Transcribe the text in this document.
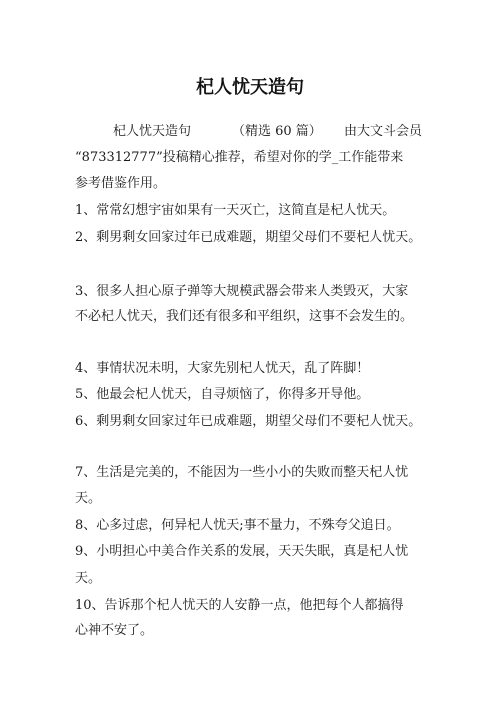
杞人忧天造句
杞人忧天造句	（精选 60 篇） 由大文斗会员
“873312777”投稿精心推荐，希望对你的学_工作能带来
参考借鉴作用。
1、常常幻想宇宙如果有一天灭亡，这简直是杞人忧天。
2、剩男剩女回家过年已成难题，期望父母们不要杞人忧天。
3、很多人担心原子弹等大规模武器会带来人类毁灭，大家
不必杞人忧天，我们还有很多和平组织，这事不会发生的。
4、事情状况未明，大家先别杞人忧天，乱了阵脚！
5、他最会杞人忧天，自寻烦恼了，你得多开导他。
6、剩男剩女回家过年已成难题，期望父母们不要杞人忧天。
7、生活是完美的，不能因为一些小小的失败而整天杞人忧
天。
8、心多过虑，何异杞人忧天;事不量力，不殊夸父追日。
9、小明担心中美合作关系的发展，天天失眠，真是杞人忧
天。
10、告诉那个杞人忧天的人安静一点，他把每个人都搞得
心神不安了。
